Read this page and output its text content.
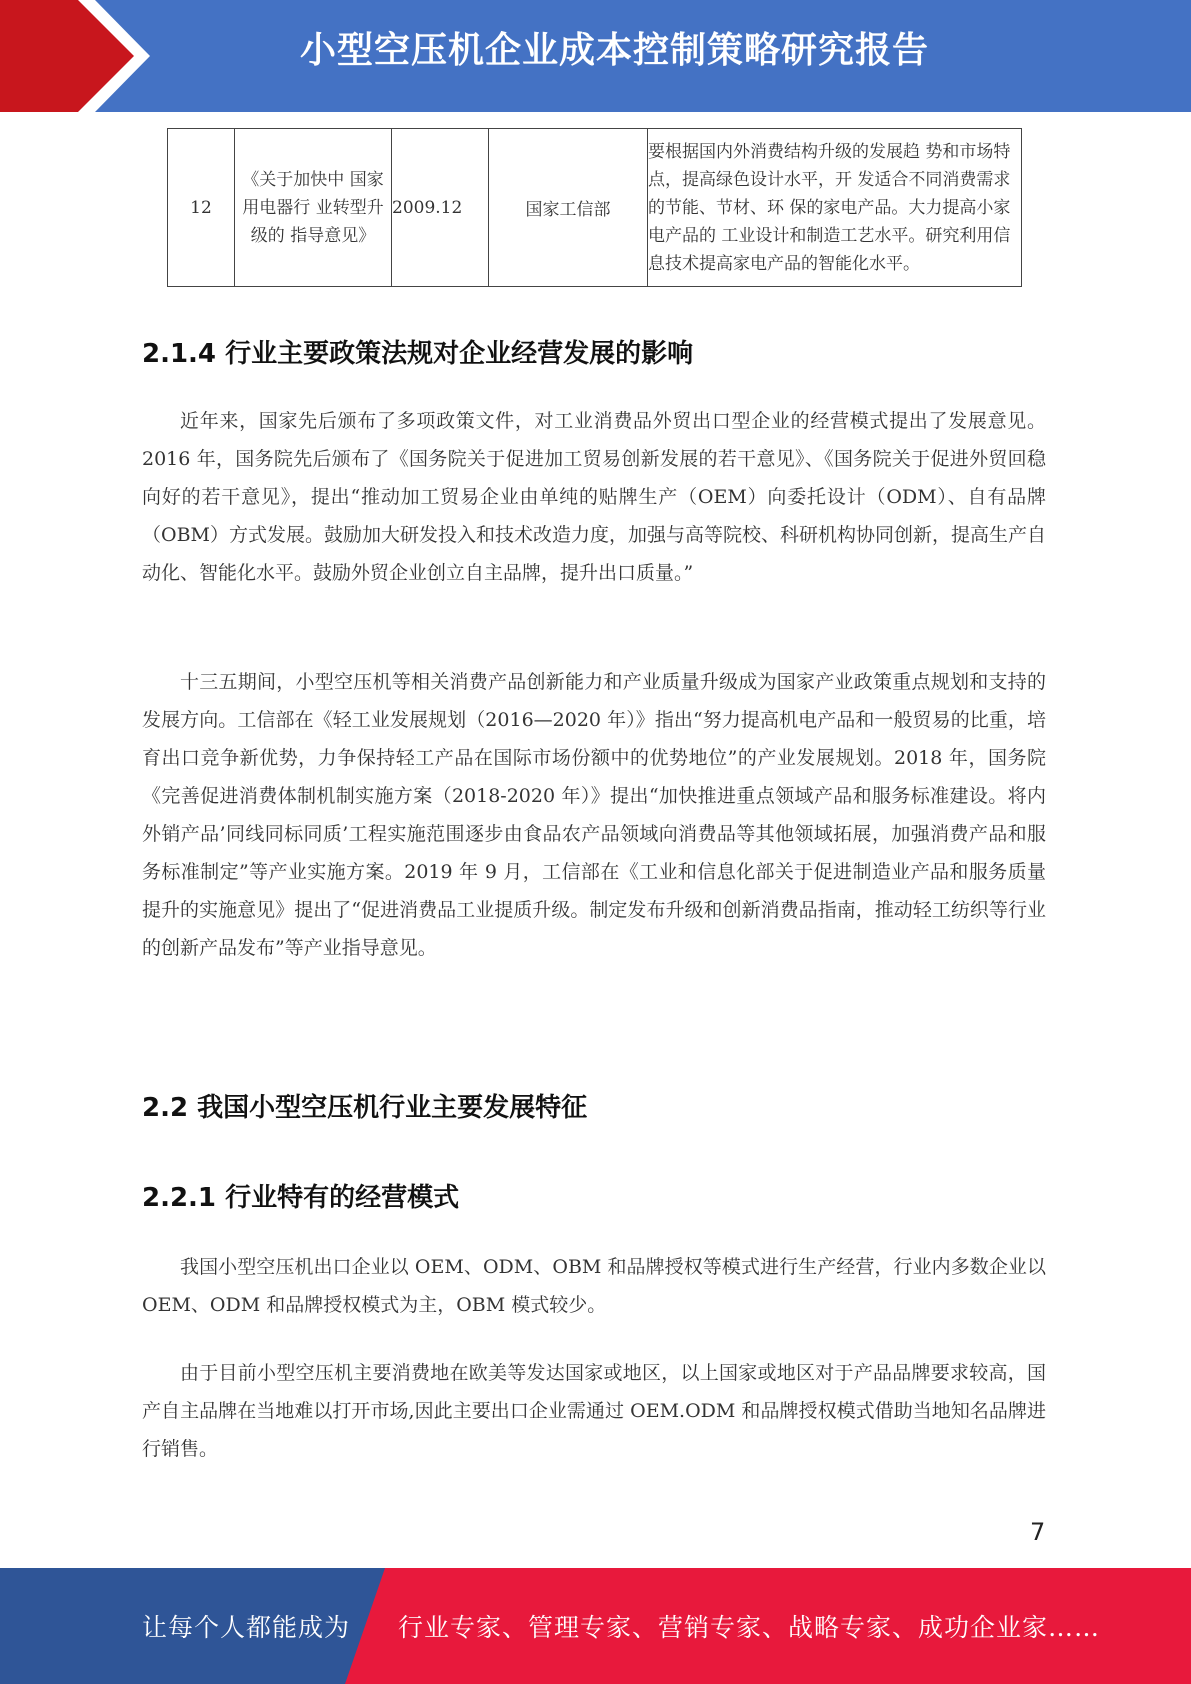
小型空压机企业成本控制策略研究报告
12	《关于加快中 国家用电器行 业转型升级的 指导意见》	2009.12	国家工信部	要根据国内外消费结构升级的发展趋 势和市场特点，提高绿色设计水平，开 发适合不同消费需求的节能、节材、环 保的家电产品。大力提高小家电产品的 工业设计和制造工艺水平。研究利用信 息技术提高家电产品的智能化水平。
2.1.4 行业主要政策法规对企业经营发展的影响

近年来，国家先后颁布了多项政策文件，对工业消费品外贸出口型企业的经营模式提出了发展意见。2016 年，国务院先后颁布了《国务院关于促进加工贸易创新发展的若干意见》、《国务院关于促进外贸回稳向好的若干意见》，提出“推动加工贸易企业由单纯的贴牌生产（OEM）向委托设计（ODM）、自有品牌（OBM）方式发展。鼓励加大研发投入和技术改造力度，加强与高等院校、科研机构协同创新，提高生产自动化、智能化水平。鼓励外贸企业创立自主品牌，提升出口质量。”

十三五期间，小型空压机等相关消费产品创新能力和产业质量升级成为国家产业政策重点规划和支持的发展方向。工信部在《轻工业发展规划（2016—2020 年）》指出“努力提高机电产品和一般贸易的比重，培育出口竞争新优势，力争保持轻工产品在国际市场份额中的优势地位”的产业发展规划。2018 年，国务院《完善促进消费体制机制实施方案（2018-2020 年）》提出“加快推进重点领域产品和服务标准建设。将内外销产品’同线同标同质’工程实施范围逐步由食品农产品领域向消费品等其他领域拓展，加强消费产品和服务标准制定”等产业实施方案。2019 年 9 月，工信部在《工业和信息化部关于促进制造业产品和服务质量提升的实施意见》提出了“促进消费品工业提质升级。制定发布升级和创新消费品指南，推动轻工纺织等行业的创新产品发布”等产业指导意见。

2.2 我国小型空压机行业主要发展特征
2.2.1 行业特有的经营模式

我国小型空压机出口企业以 OEM、ODM、OBM 和品牌授权等模式进行生产经营，行业内多数企业以 OEM、ODM 和品牌授权模式为主，OBM 模式较少。

由于目前小型空压机主要消费地在欧美等发达国家或地区，以上国家或地区对于产品品牌要求较高，国产自主品牌在当地难以打开市场,因此主要出口企业需通过 OEM.ODM 和品牌授权模式借助当地知名品牌进行销售。

7
让每个人都能成为 行业专家、管理专家、营销专家、战略专家、成功企业家……
